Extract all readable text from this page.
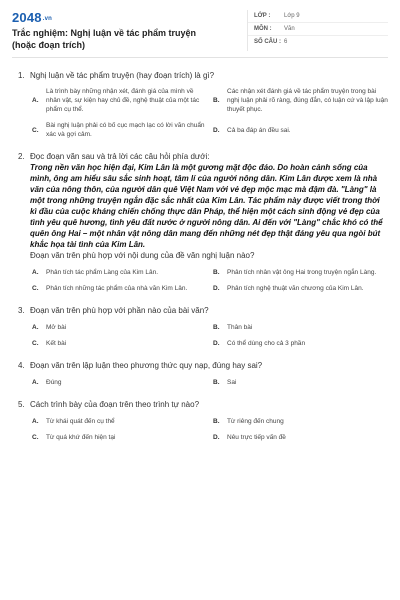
2048.vn
Trắc nghiệm: Nghị luận về tác phẩm truyện (hoặc đoạn trích)
LỚP :	Lớp 9
MÔN :	Văn
SỐ CÂU : 6
1. Nghị luận về tác phẩm truyện (hay đoạn trích) là gì?
A.
Là trình bày những nhận xét, đánh giá của mình về nhân vật, sự kiện hay chủ đề, nghệ thuật của một tác phẩm cụ thể.
B.
Các nhận xét đánh giá về tác phẩm truyện trong bài nghị luận phải rõ ràng, đúng đắn, có luận cứ và lập luận thuyết phục.
C.
Bài nghị luận phải có bố cục mạch lạc có lời văn chuẩn xác và gợi cảm.
D.	Cả ba đáp án đều sai.
2. Đọc đoạn văn sau và trả lời các câu hỏi phía dưới:
Trong nền văn học hiện đại, Kim Lân là một gương mặt độc đáo. Do hoàn cảnh sống của mình, ông am hiểu sâu sắc sinh hoạt, tâm lí của người nông dân. Kim Lân được xem là nhà văn của nông thôn, của người dân quê Việt Nam với vẻ đẹp mộc mạc mà đậm đà. "Làng" là một trong những truyện ngắn đặc sắc nhất của Kim Lân. Tác phẩm này được viết trong thời kì đầu của cuộc kháng chiến chống thực dân Pháp, thể hiện một cách sinh động vẻ đẹp của tình yêu quê hương, tình yêu đất nước ở người nông dân. Ai đến với "Làng" chắc khó có thể quên ông Hai – một nhân vật nông dân mang đến những nét đẹp thật đáng yêu qua ngòi bút khắc họa tài tình của Kim Lân.
Đoạn văn trên phù hợp với nội dung của đề văn nghị luận nào?
A.	Phân tích tác phẩm Làng của Kim Lân.	B.	Phân tích nhân vật ông Hai trong truyện ngắn Làng.
C.	Phân tích những tác phẩm của nhà văn Kim Lân.	D.	Phân tích nghệ thuật văn chương của Kim Lân.
3. Đoạn văn trên phù hợp với phần nào của bài văn?
A.	Mở bài	B.	Thân bài
C.	Kết bài	D.	Có thể dùng cho cả 3 phần
4. Đoạn văn trên lập luận theo phương thức quy nạp, đúng hay sai?
A.	Đúng	B.	Sai
5. Cách trình bày của đoạn trên theo trình tự nào?
A.	Từ khái quát đến cụ thể	B.	Từ riêng đến chung
C.	Từ quá khứ đến hiện tại	D.	Nêu trực tiếp vấn đề
